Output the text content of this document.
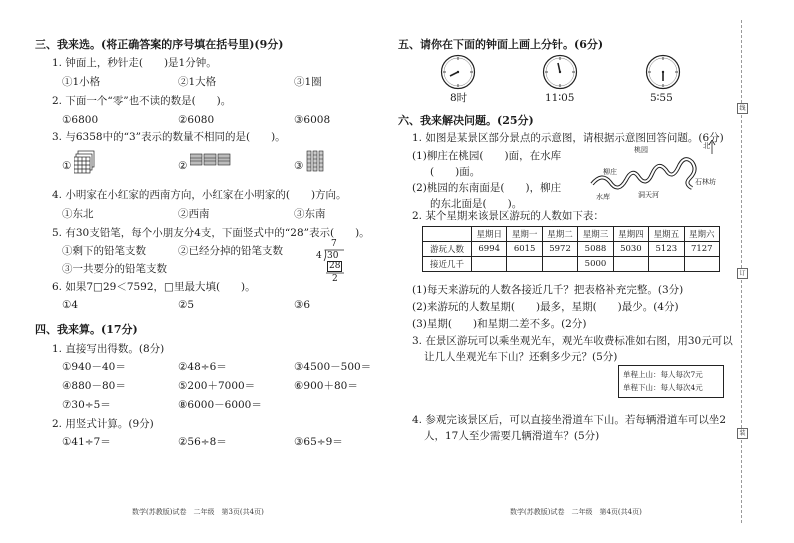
线
订
装
三、我来选。(将正确答案的序号填在括号里)(9分)
1. 钟面上，秒针走(　　)是1分钟。
①1小格	②1大格	③1圈
2. 下面一个“零”也不读的数是(　　)。
①6800	②6080	③6008
3. 与6358中的“3”表示的数量不相同的是(　　)。
①	②	③
4. 小明家在小红家的西南方向，小红家在小明家的(　　)方向。
①东北	②西南	③东南
5. 有30支铅笔，每个小朋友分4支，下面竖式中的“28”表示(　　)。
①剩下的铅笔支数	②已经分掉的铅笔支数
③一共要分的铅笔支数
7
4 30
28
2
6. 如果7□29＜7592，□里最大填(　　)。
①4	②5	③6
四、我来算。(17分)
1. 直接写出得数。(8分)
①940－40＝	②48÷6＝	③4500－500＝
④880－80＝	⑤200＋7000＝	⑥900＋80＝
⑦30÷5＝	⑧6000－6000＝
2. 用竖式计算。(9分)
①41÷7＝	②56÷8＝	③65÷9＝
数学(苏教版)试卷　二年级　第3页(共4页)
五、请你在下面的钟面上画上分针。(6分)
8时	11∶05	5∶55
六、我来解决问题。(25分)
1. 如图是某景区部分景点的示意图，请根据示意图回答问题。(6分)
(1)柳庄在桃园(　　)面，在水库
(　　)面。
(2)桃园的东南面是(　　)，柳庄
的东北面是(　　)。
北
桃园
柳庄
水库	洞天河
石林坊
2. 某个星期来该景区游玩的人数如下表：
	星期日	星期一	星期二	星期三	星期四	星期五	星期六
游玩人数	6994	6015	5972	5088	5030	5123	7127
接近几千				5000			
(1)每天来游玩的人数各接近几千？把表格补充完整。(3分)
(2)来游玩的人数星期(　　)最多，星期(　　)最少。(4分)
(3)星期(　　)和星期二差不多。(2分)
3. 在景区游玩可以乘坐观光车，观光车收费标准如右图，用30元可以
让几人坐观光车下山？还剩多少元？(5分)
单程上山：每人每次7元
单程下山：每人每次4元
4. 参观完该景区后，可以直接坐滑道车下山。若每辆滑道车可以坐2
人，17人至少需要几辆滑道车？(5分)
数学(苏教版)试卷　二年级　第4页(共4页)
